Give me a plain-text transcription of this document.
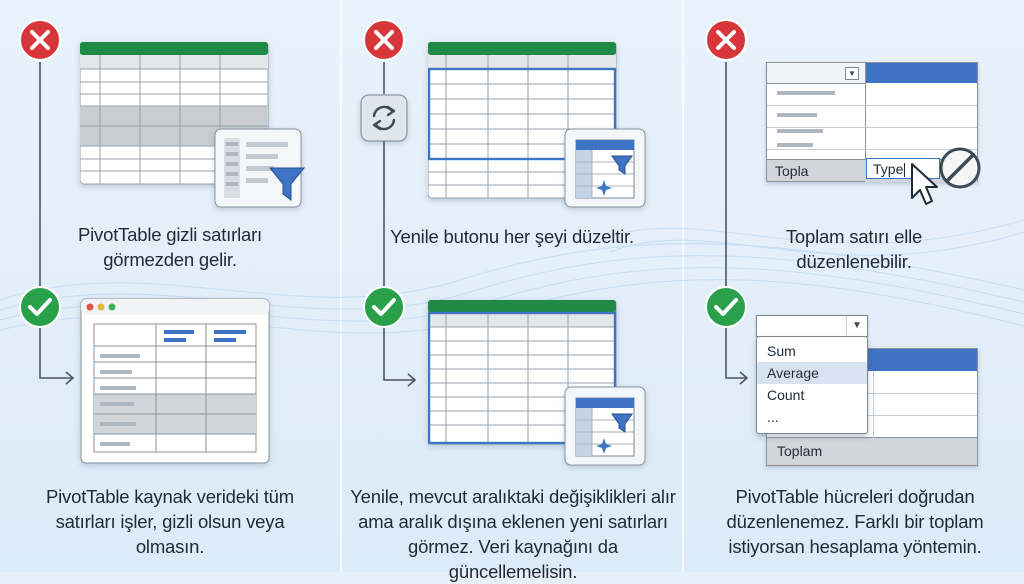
PivotTable gizli satırları
görmezden gelir.
PivotTable kaynak verideki tüm
satırları işler, gizli olsun veya
olmasın.
Yenile butonu her şeyi düzeltir.
Yenile, mevcut aralıktaki değişiklikleri alır
ama aralık dışına eklenen yeni satırları
görmez. Veri kaynağını da güncellemelisin.
▼
Topla	Type
Toplam satırı elle
düzenlenebilir.
Toplam
▼
Sum
Average
Count
...
PivotTable hücreleri doğrudan
düzenlenemez. Farklı bir toplam
istiyorsan hesaplama yöntemin.
